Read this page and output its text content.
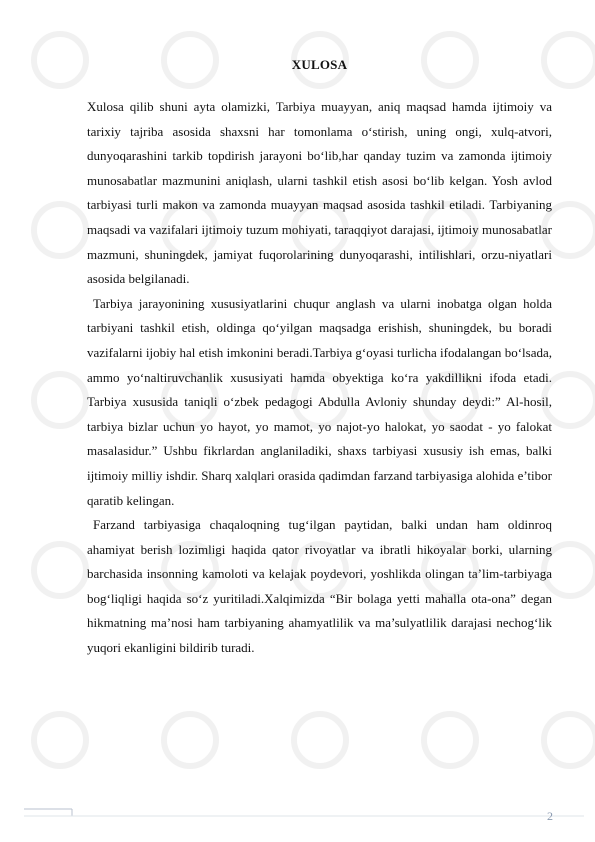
XULOSA

Xulosa qilib shuni ayta olamizki, Tarbiya muayyan, aniq maqsad hamda ijtimoiy va tarixiy tajriba asosida shaxsni har tomonlama o‘stirish, uning ongi, xulq-atvori, dunyoqarashini tarkib topdirish jarayoni bo‘lib,har qanday tuzim va zamonda ijtimoiy munosabatlar mazmunini aniqlash, ularni tashkil etish asosi bo‘lib kelgan. Yosh avlod tarbiyasi turli makon va zamonda muayyan maqsad asosida tashkil etiladi. Tarbiyaning maqsadi va vazifalari ijtimoiy tuzum mohiyati, taraqqiyot darajasi, ijtimoiy munosabatlar mazmuni, shuningdek, jamiyat fuqorolarining dunyoqarashi, intilishlari, orzu-niyatlari asosida belgilanadi.

Tarbiya jarayonining xususiyatlarini chuqur anglash va ularni inobatga olgan holda tarbiyani tashkil etish, oldinga qo‘yilgan maqsadga erishish, shuningdek, bu boradi vazifalarni ijobiy hal etish imkonini beradi.Tarbiya g‘oyasi turlicha ifodalangan bo‘lsada, ammo yo‘naltiruvchanlik xususiyati hamda obyektiga ko‘ra yakdillikni ifoda etadi. Tarbiya xususida taniqli o‘zbek pedagogi Abdulla Avloniy shunday deydi:” Al-hosil, tarbiya bizlar uchun yo hayot, yo mamot, yo najot-yo halokat, yo saodat - yo falokat masalasidur.” Ushbu fikrlardan anglaniladiki, shaxs tarbiyasi xususiy ish emas, balki ijtimoiy milliy ishdir. Sharq xalqlari orasida qadimdan farzand tarbiyasiga alohida e’tibor qaratib kelingan.

Farzand tarbiyasiga chaqaloqning tug‘ilgan paytidan, balki undan ham oldinroq ahamiyat berish lozimligi haqida qator rivoyatlar va ibratli hikoyalar borki, ularning barchasida insonning kamoloti va kelajak poydevori, yoshlikda olingan ta’lim-tarbiyaga bog‘liqligi haqida so‘z yuritiladi.Xalqimizda “Bir bolaga yetti mahalla ota-ona” degan hikmatning ma’nosi ham tarbiyaning ahamyatlilik va ma’sulyatlilik darajasi nechog‘lik yuqori ekanligini bildirib turadi.

2
